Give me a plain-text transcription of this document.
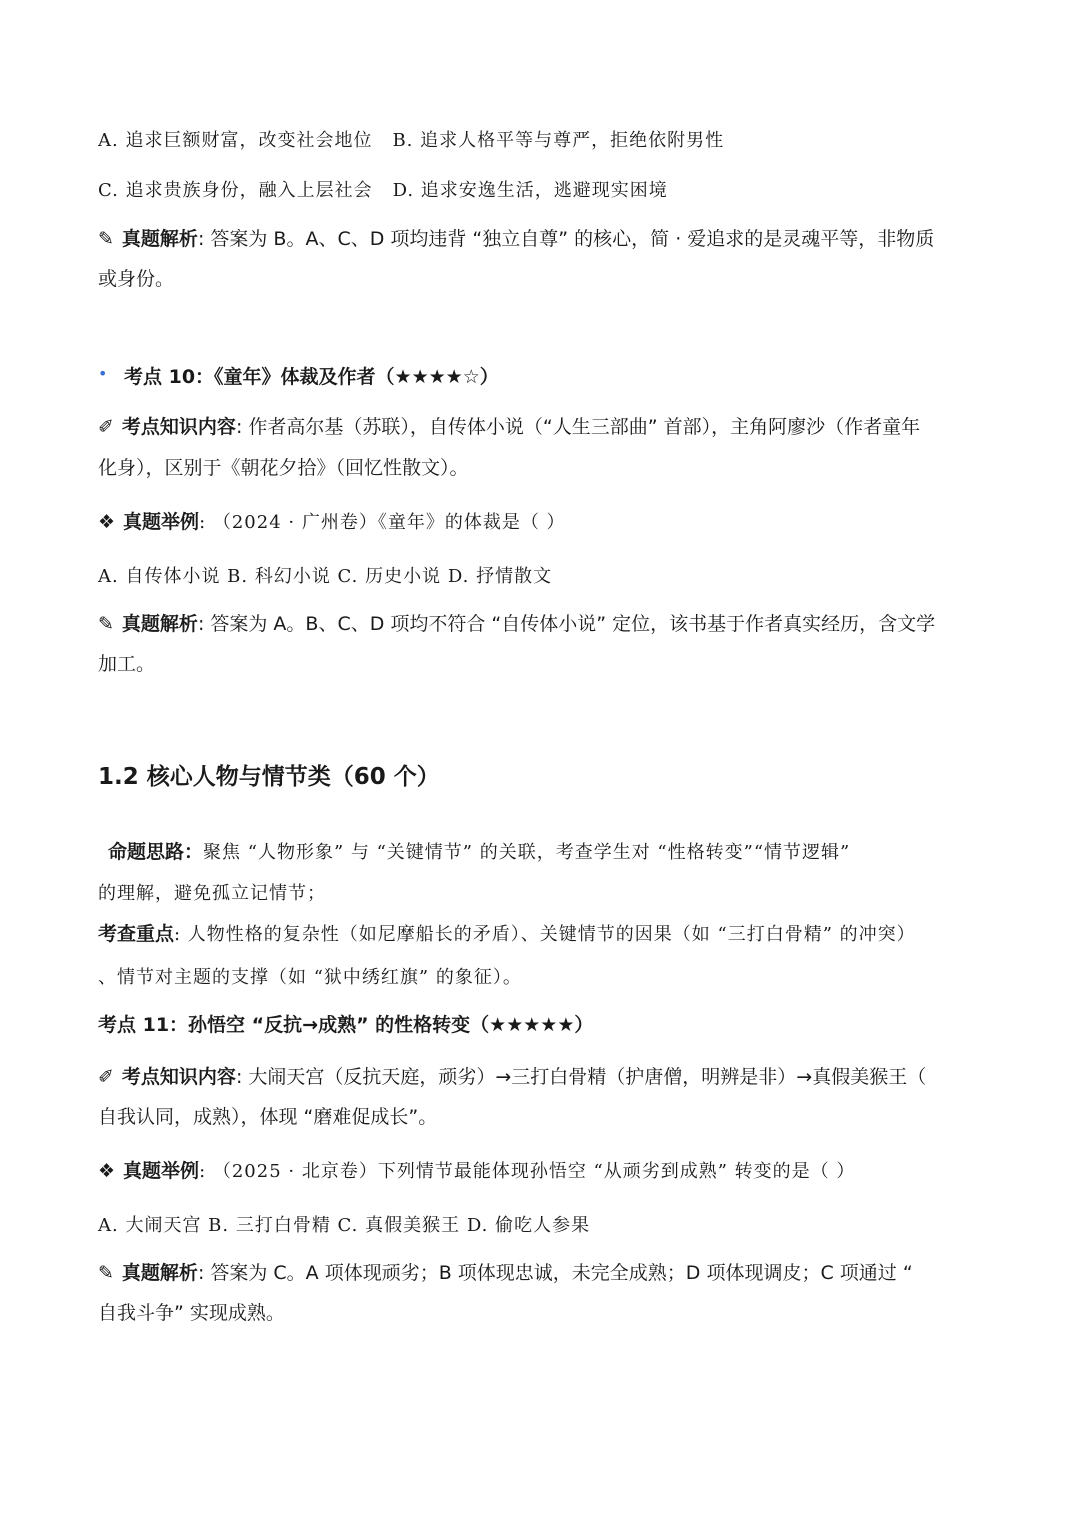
A. 追求巨额财富，改变社会地位 B. 追求人格平等与尊严，拒绝依附男性
C. 追求贵族身份，融入上层社会 D. 追求安逸生活，逃避现实困境
✎ 真题解析: 答案为 B。A、C、D 项均违背 “独立自尊” 的核心，简 · 爱追求的是灵魂平等，非物质
或身份。
• 考点 10：《童年》体裁及作者（★★★★☆）
✐ 考点知识内容: 作者高尔基（苏联），自传体小说（“人生三部曲” 首部），主角阿廖沙（作者童年
化身），区别于《朝花夕拾》（回忆性散文）。
❖ 真题举例: （2024 · 广州卷）《童年》的体裁是（ ）
A. 自传体小说 B. 科幻小说 C. 历史小说 D. 抒情散文
✎ 真题解析: 答案为 A。B、C、D 项均不符合 “自传体小说” 定位，该书基于作者真实经历，含文学
加工。
1.2 核心人物与情节类（60 个）
命题思路：聚焦 “人物形象” 与 “关键情节” 的关联，考查学生对 “性格转变”“情节逻辑”
的理解，避免孤立记情节；
考查重点: 人物性格的复杂性（如尼摩船长的矛盾）、关键情节的因果（如 “三打白骨精” 的冲突）
、情节对主题的支撑（如 “狱中绣红旗” 的象征）。
考点 11：孙悟空 “反抗→成熟” 的性格转变（★★★★★）
✐ 考点知识内容: 大闹天宫（反抗天庭，顽劣）→三打白骨精（护唐僧，明辨是非）→真假美猴王（
自我认同，成熟），体现 “磨难促成长”。
❖ 真题举例: （2025 · 北京卷）下列情节最能体现孙悟空 “从顽劣到成熟” 转变的是（ ）
A. 大闹天宫 B. 三打白骨精 C. 真假美猴王 D. 偷吃人参果
✎ 真题解析: 答案为 C。A 项体现顽劣；B 项体现忠诚，未完全成熟；D 项体现调皮；C 项通过 “
自我斗争” 实现成熟。
